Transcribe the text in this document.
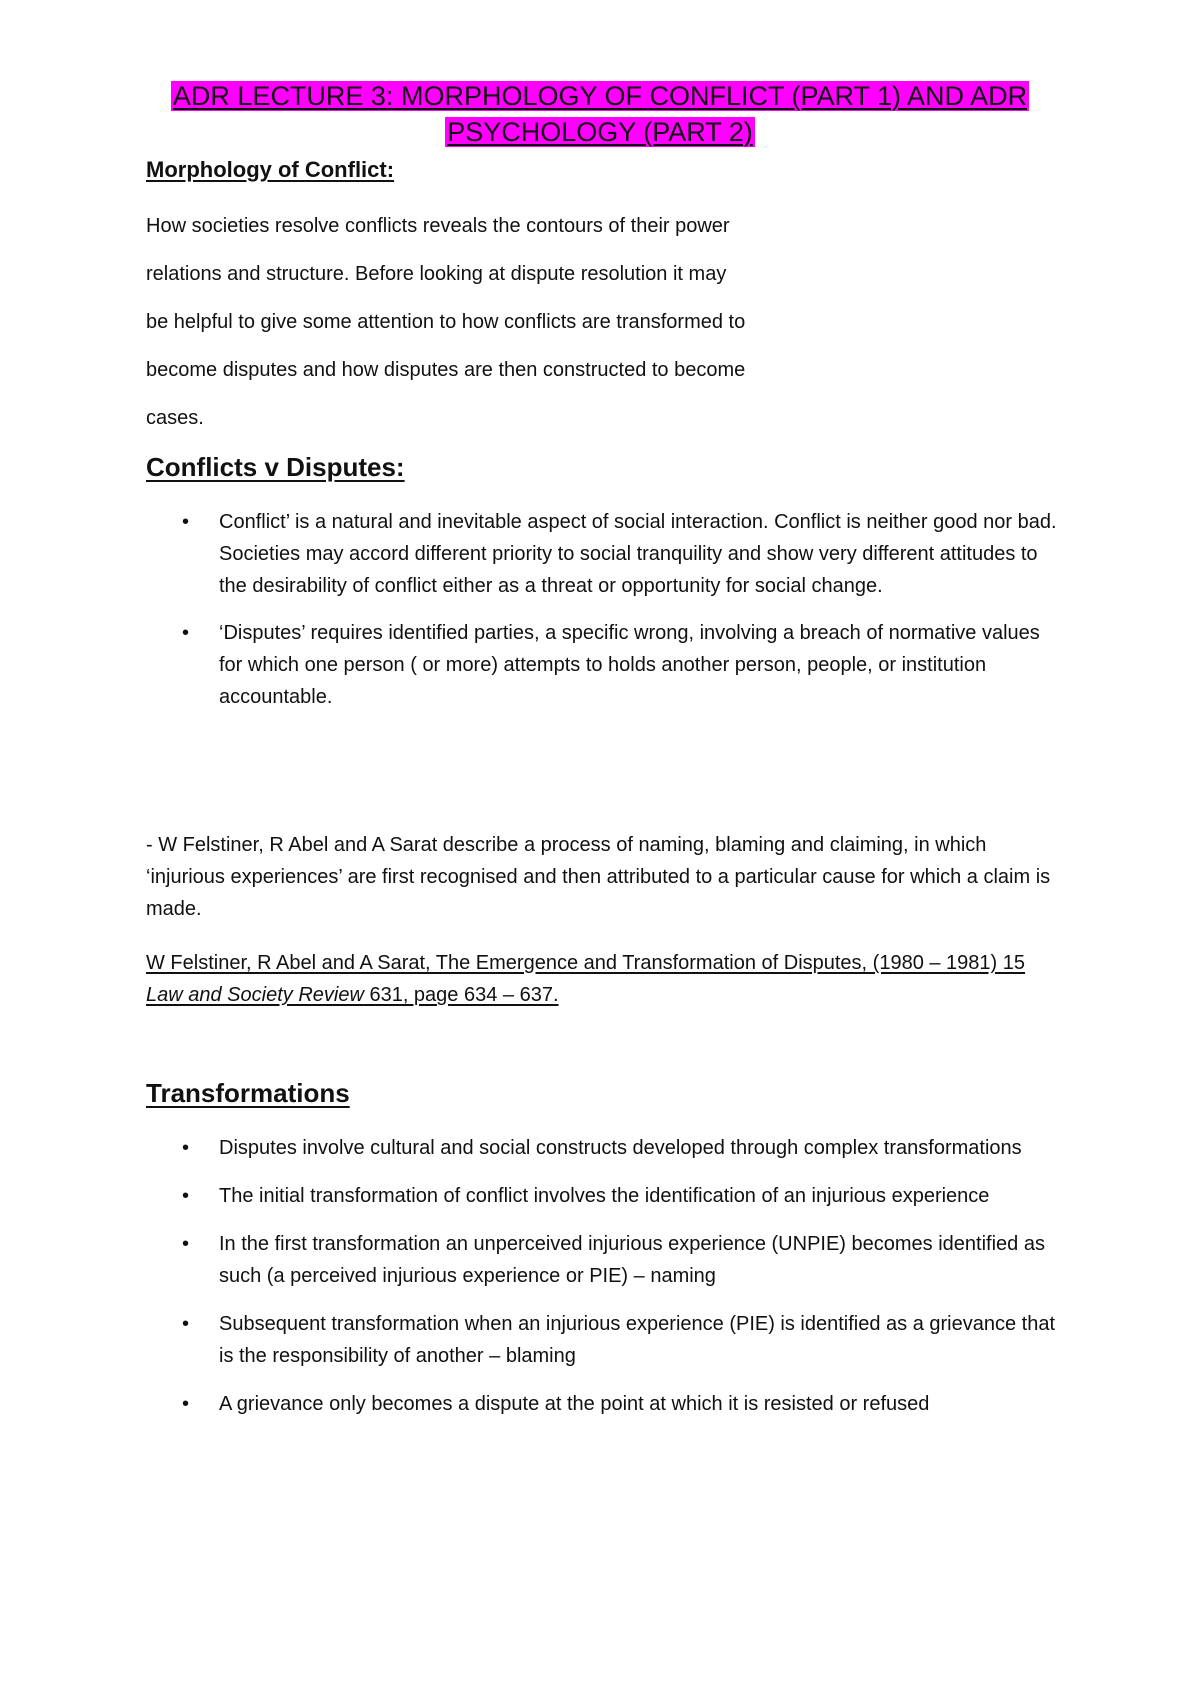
ADR LECTURE 3: MORPHOLOGY OF CONFLICT (PART 1) AND ADR
PSYCHOLOGY (PART 2)
Morphology of Conflict:

How societies resolve conflicts reveals the contours of their power

relations and structure. Before looking at dispute resolution it may

be helpful to give some attention to how conflicts are transformed to

become disputes and how disputes are then constructed to become

cases.

Conflicts v Disputes:
• Conflict’ is a natural and inevitable aspect of social interaction. Conflict is neither good nor bad. Societies may accord different priority to social tranquility and show very different attitudes to the desirability of conflict either as a threat or opportunity for social change.
• ‘Disputes’ requires identified parties, a specific wrong, involving a breach of normative values for which one person ( or more) attempts to holds another person, people, or institution accountable.

- W Felstiner, R Abel and A Sarat describe a process of naming, blaming and claiming, in which ‘injurious experiences’ are first recognised and then attributed to a particular cause for which a claim is made.

W Felstiner, R Abel and A Sarat, The Emergence and Transformation of Disputes, (1980 – 1981) 15 Law and Society Review 631, page 634 – 637.
Transformations
• Disputes involve cultural and social constructs developed through complex transformations
• The initial transformation of conflict involves the identification of an injurious experience
• In the first transformation an unperceived injurious experience (UNPIE) becomes identified as such (a perceived injurious experience or PIE) – naming
• Subsequent transformation when an injurious experience (PIE) is identified as a grievance that is the responsibility of another – blaming
• A grievance only becomes a dispute at the point at which it is resisted or refused
